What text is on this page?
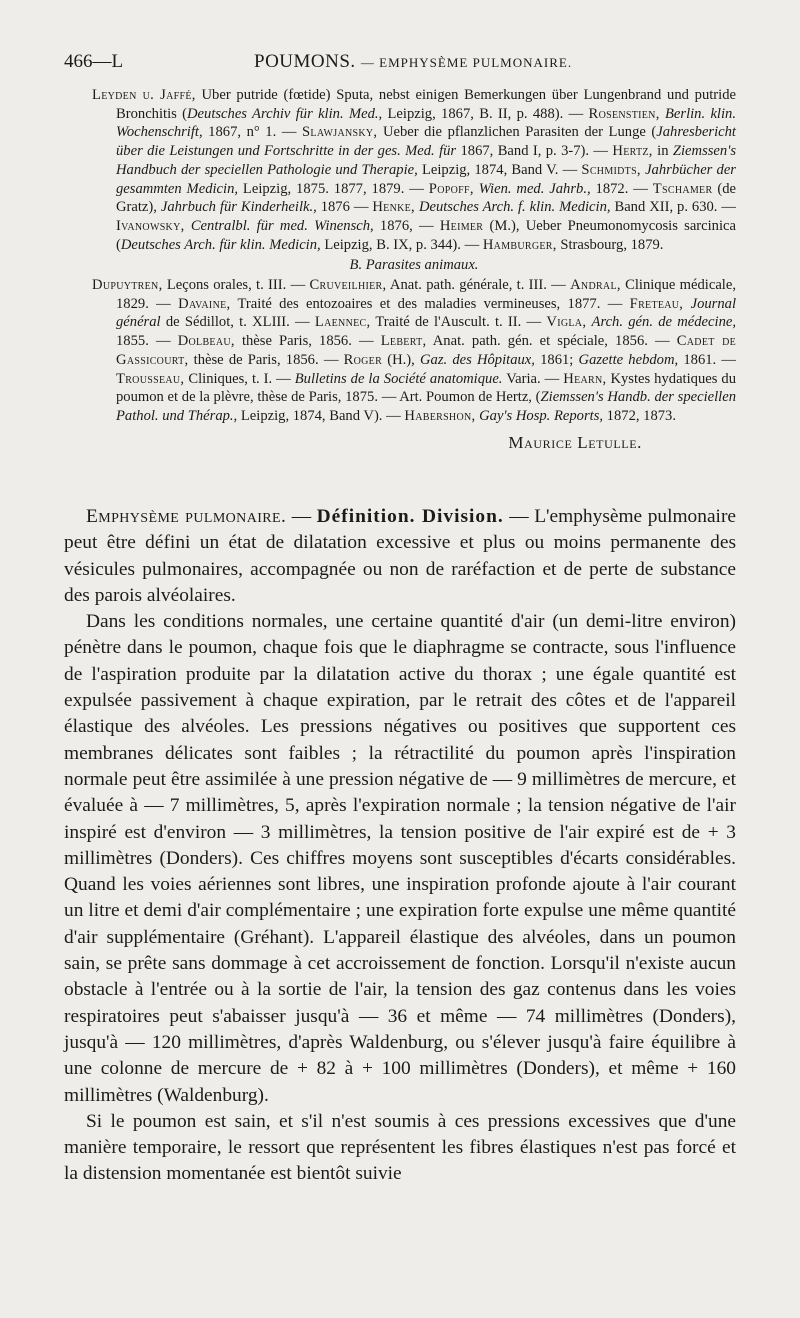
466—L	POUMONS. — EMPHYSÈME PULMONAIRE.

Leyden u. Jaffé, Uber putride (fœtide) Sputa, nebst einigen Bemerkungen über Lungenbrand und putride Bronchitis (Deutsches Archiv für klin. Med., Leipzig, 1867, B. II, p. 488). — Rosenstien, Berlin. klin. Wochenschrift, 1867, n° 1. — Slawjansky, Ueber die pflanzlichen Parasiten der Lunge (Jahresbericht über die Leistungen und Fortschritte in der ges. Med. für 1867, Band I, p. 3-7). — Hertz, in Ziemssen's Handbuch der speciellen Pathologie und Therapie, Leipzig, 1874, Band V. — Schmidts, Jahrbücher der gesammten Medicin, Leipzig, 1875. 1877, 1879. — Popoff, Wien. med. Jahrb., 1872. — Tschamer (de Gratz), Jahrbuch für Kinderheilk., 1876 — Henke, Deutsches Arch. f. klin. Medicin, Band XII, p. 630. — Ivanowsky, Centralbl. für med. Winensch, 1876, — Heimer (M.), Ueber Pneumonomycosis sarcinica (Deutsches Arch. für klin. Medicin, Leipzig, B. IX, p. 344). — Hamburger, Strasbourg, 1879.

B. Parasites animaux.

Dupuytren, Leçons orales, t. III. — Cruveilhier, Anat. path. générale, t. III. — Andral, Clinique médicale, 1829. — Davaine, Traité des entozoaires et des maladies vermineuses, 1877. — Freteau, Journal général de Sédillot, t. XLIII. — Laennec, Traité de l'Auscult. t. II. — Vigla, Arch. gén. de médecine, 1855. — Dolbeau, thèse Paris, 1856. — Lebert, Anat. path. gén. et spéciale, 1856. — Cadet de Gassicourt, thèse de Paris, 1856. — Roger (H.), Gaz. des Hôpitaux, 1861; Gazette hebdom, 1861. — Trousseau, Cliniques, t. I. — Bulletins de la Société anatomique. Varia. — Hearn, Kystes hydatiques du poumon et de la plèvre, thèse de Paris, 1875. — Art. Poumon de Hertz, (Ziemssen's Handb. der speciellen Pathol. und Thérap., Leipzig, 1874, Band V). — Habershon, Gay's Hosp. Reports, 1872, 1873.

Maurice Letulle.

Emphysème pulmonaire. — Définition. Division. — L'emphysème pulmonaire peut être défini un état de dilatation excessive et plus ou moins permanente des vésicules pulmonaires, accompagnée ou non de raréfaction et de perte de substance des parois alvéolaires.

Dans les conditions normales, une certaine quantité d'air (un demi-litre environ) pénètre dans le poumon, chaque fois que le diaphragme se contracte, sous l'influence de l'aspiration produite par la dilatation active du thorax ; une égale quantité est expulsée passivement à chaque expiration, par le retrait des côtes et de l'appareil élastique des alvéoles. Les pressions négatives ou positives que supportent ces membranes délicates sont faibles ; la rétractilité du poumon après l'inspiration normale peut être assimilée à une pression négative de — 9 millimètres de mercure, et évaluée à — 7 millimètres, 5, après l'expiration normale ; la tension négative de l'air inspiré est d'environ — 3 millimètres, la tension positive de l'air expiré est de + 3 millimètres (Donders). Ces chiffres moyens sont susceptibles d'écarts considérables. Quand les voies aériennes sont libres, une inspiration profonde ajoute à l'air courant un litre et demi d'air complémentaire ; une expiration forte expulse une même quantité d'air supplémentaire (Gréhant). L'appareil élastique des alvéoles, dans un poumon sain, se prête sans dommage à cet accroissement de fonction. Lorsqu'il n'existe aucun obstacle à l'entrée ou à la sortie de l'air, la tension des gaz contenus dans les voies respiratoires peut s'abaisser jusqu'à — 36 et même — 74 millimètres (Donders), jusqu'à — 120 millimètres, d'après Waldenburg, ou s'élever jusqu'à faire équilibre à une colonne de mercure de + 82 à + 100 millimètres (Donders), et même + 160 millimètres (Waldenburg).

Si le poumon est sain, et s'il n'est soumis à ces pressions excessives que d'une manière temporaire, le ressort que représentent les fibres élastiques n'est pas forcé et la distension momentanée est bientôt suivie
